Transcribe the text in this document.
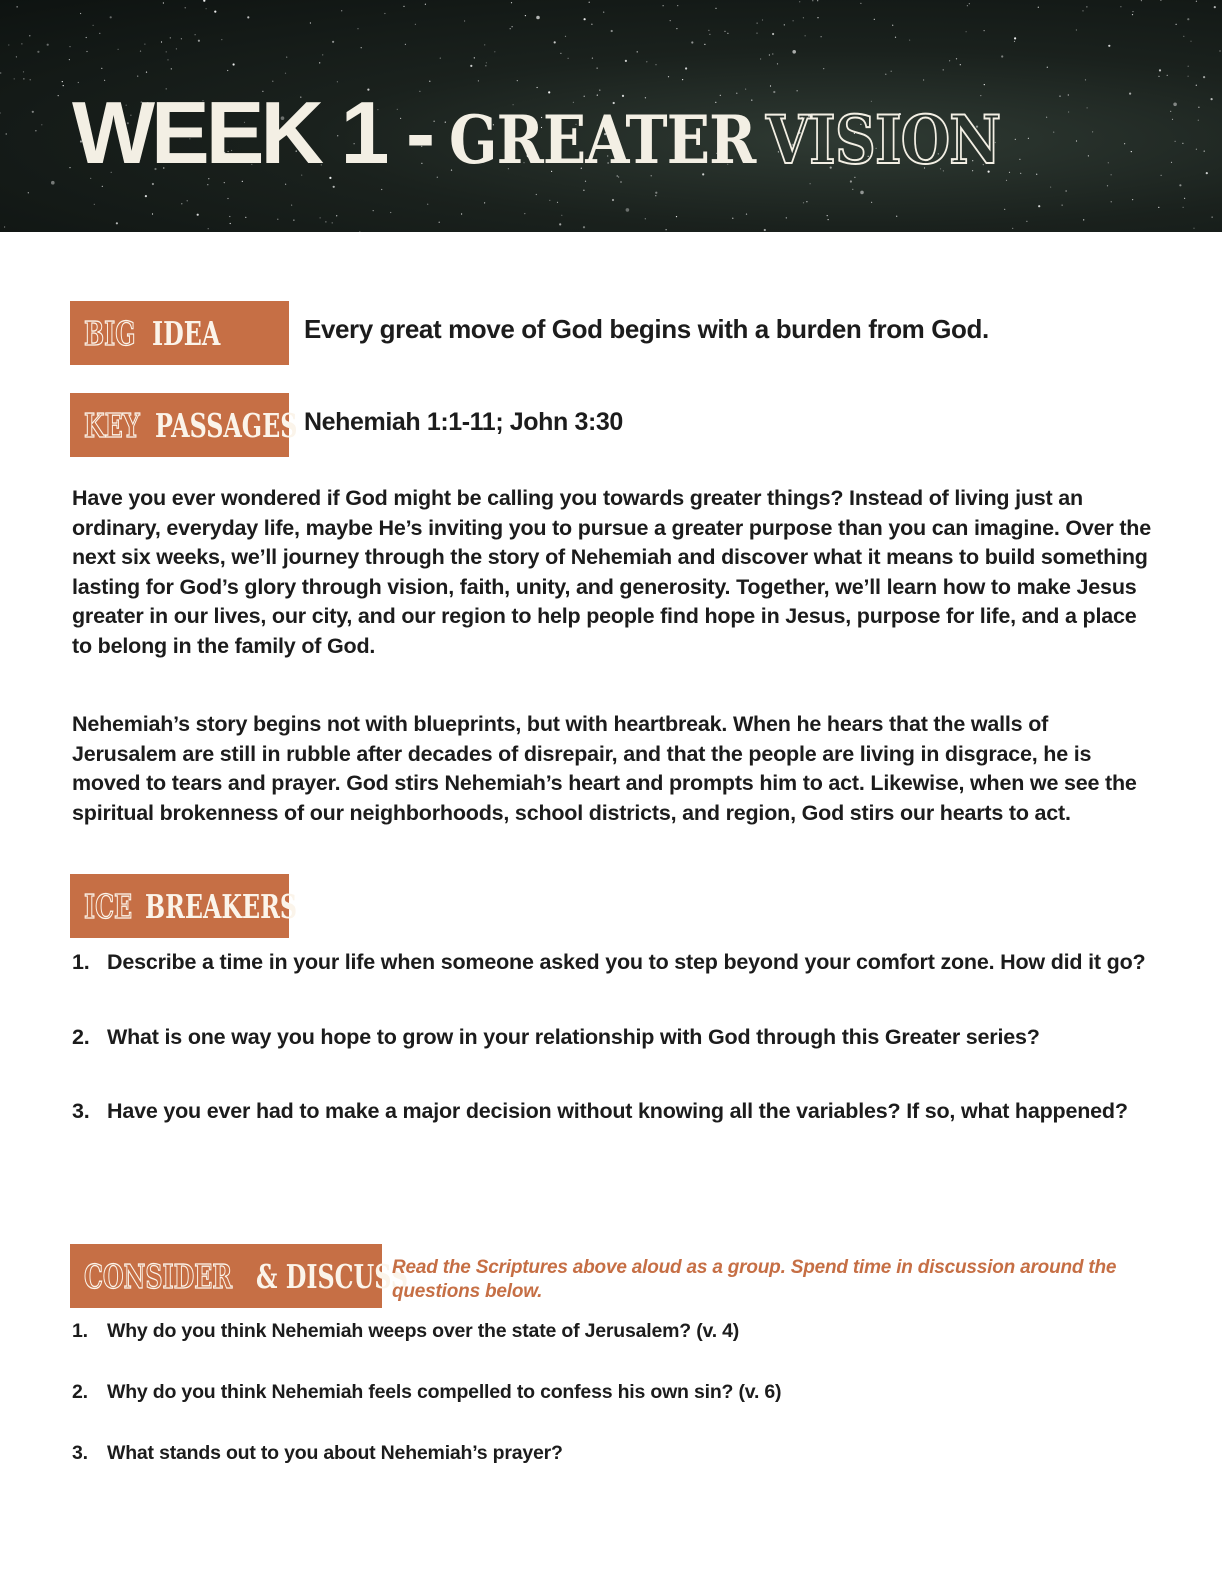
WEEK 1 - GREATER VISION
BIG IDEA	Every great move of God begins with a burden from God.
KEY PASSAGES Nehemiah 1:1-11; John 3:30

Have you ever wondered if God might be calling you towards greater things? Instead of living just an ordinary, everyday life, maybe He’s inviting you to pursue a greater purpose than you can imagine. Over the next six weeks, we’ll journey through the story of Nehemiah and discover what it means to build something lasting for God’s glory through vision, faith, unity, and generosity. Together, we’ll learn how to make Jesus greater in our lives, our city, and our region to help people find hope in Jesus, purpose for life, and a place to belong in the family of God.

Nehemiah’s story begins not with blueprints, but with heartbreak. When he hears that the walls of Jerusalem are still in rubble after decades of disrepair, and that the people are living in disgrace, he is moved to tears and prayer. God stirs Nehemiah’s heart and prompts him to act. Likewise, when we see the spiritual brokenness of our neighborhoods, school districts, and region, God stirs our hearts to act.

ICE BREAKERS
1. Describe a time in your life when someone asked you to step beyond your comfort zone. How did it go?
2. What is one way you hope to grow in your relationship with God through this Greater series?
3. Have you ever had to make a major decision without knowing all the variables? If so, what happened?
CONSIDER & DISCUSS

Read the Scriptures above aloud as a group. Spend time in discussion around the questions below.

1. Why do you think Nehemiah weeps over the state of Jerusalem? (v. 4)
2. Why do you think Nehemiah feels compelled to confess his own sin? (v. 6)
3. What stands out to you about Nehemiah’s prayer?
